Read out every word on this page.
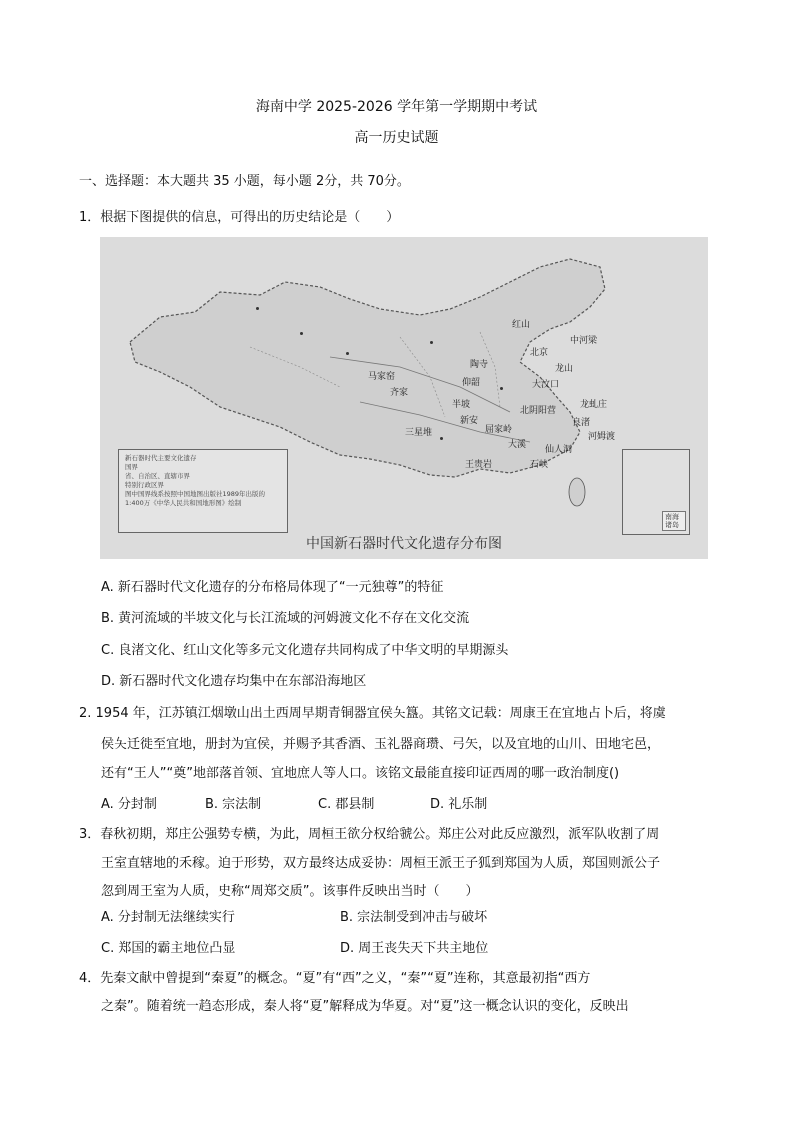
海南中学 2025-2026 学年第一学期期中考试
高一历史试题
一、选择题：本大题共 35 小题，每小题 2分，共 70分。
1．根据下图提供的信息，可得出的历史结论是（　　）
红山
北京
中河梁
大汶口
半坡
河姆渡
良渚
三星堆	屈家岭
仰韶
马家窑
北阴阳营
大溪
石峡
龙山
陶寺
齐家
新安
龙虬庄
仙人洞
王贵岩
新石器时代主要文化遗存
国界
省、自治区、直辖市界
特别行政区界
图中国界线系按照中国地图出版社1989年出版的1:400万《中华人民共和国地形图》绘制
南海诸岛
中国新石器时代文化遗存分布图
A. 新石器时代文化遗存的分布格局体现了“一元独尊”的特征
B. 黄河流域的半坡文化与长江流域的河姆渡文化不存在文化交流
C. 良渚文化、红山文化等多元文化遗存共同构成了中华文明的早期源头
D. 新石器时代文化遗存均集中在东部沿海地区
2. 1954 年，江苏镇江烟墩山出土西周早期青铜器宜侯夨簋。其铭文记载：周康王在宜地占卜后，将虞
侯夨迁徙至宜地，册封为宜侯，并赐予其香酒、玉礼器商瓒、弓矢，以及宜地的山川、田地宅邑，
还有“王人”“奠”地部落首领、宜地庶人等人口。该铭文最能直接印证西周的哪一政治制度()
A. 分封制	B. 宗法制	C. 郡县制	D. 礼乐制
3．春秋初期，郑庄公强势专横，为此，周桓王欲分权给虢公。郑庄公对此反应激烈，派军队收割了周
王室直辖地的禾稼。迫于形势，双方最终达成妥协：周桓王派王子狐到郑国为人质，郑国则派公子
忽到周王室为人质，史称“周郑交质”。该事件反映出当时（　　）
A. 分封制无法继续实行	B. 宗法制受到冲击与破坏
C. 郑国的霸主地位凸显	D. 周王丧失天下共主地位
4．先秦文献中曾提到“秦夏”的概念。“夏”有“西”之义，“秦”“夏”连称，其意最初指“西方
之秦”。随着统一趋态形成，秦人将“夏”解释成为华夏。对“夏”这一概念认识的变化，反映出
